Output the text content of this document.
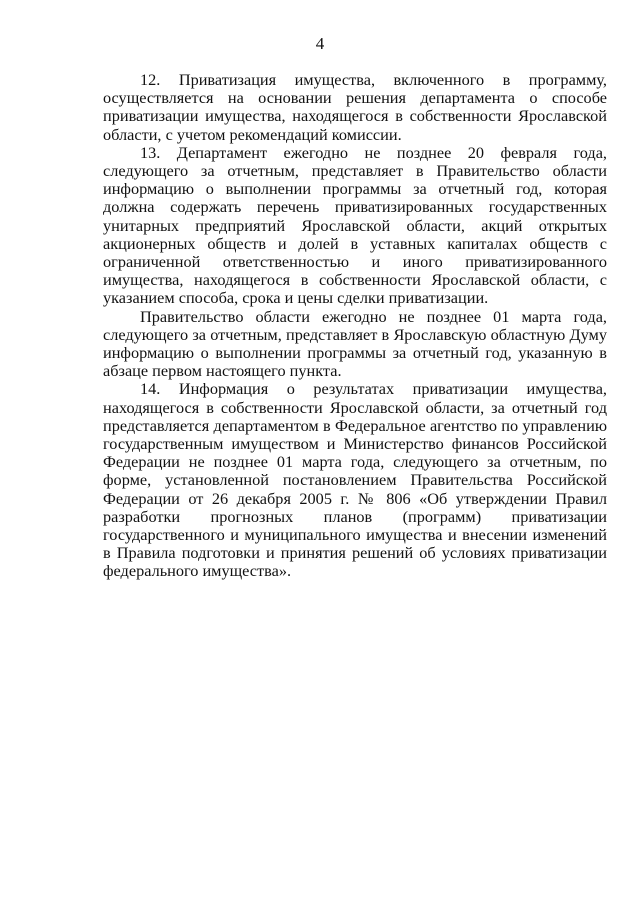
4

12. Приватизация имущества, включенного в программу, осуществляется на основании решения департамента о способе приватизации имущества, находящегося в собственности Ярославской области, с учетом рекомендаций комиссии.

13. Департамент ежегодно не позднее 20 февраля года, следующего за отчетным, представляет в Правительство области информацию о выполнении программы за отчетный год, которая должна содержать перечень приватизированных государственных унитарных предприятий Ярославской области, акций открытых акционерных обществ и долей в уставных капиталах обществ с ограниченной ответственностью и иного приватизированного имущества, находящегося в собственности Ярославской области, с указанием способа, срока и цены сделки приватизации.

Правительство области ежегодно не позднее 01 марта года, следующего за отчетным, представляет в Ярославскую областную Думу информацию о выполнении программы за отчетный год, указанную в абзаце первом настоящего пункта.

14. Информация о результатах приватизации имущества, находящегося в собственности Ярославской области, за отчетный год представляется департаментом в Федеральное агентство по управлению государственным имуществом и Министерство финансов Российской Федерации не позднее 01 марта года, следующего за отчетным, по форме, установленной постановлением Правительства Российской Федерации от 26 декабря 2005 г. № 806 «Об утверждении Правил разработки прогнозных планов (программ) приватизации государственного и муниципального имущества и внесении изменений в Правила подготовки и принятия решений об условиях приватизации федерального имущества».
